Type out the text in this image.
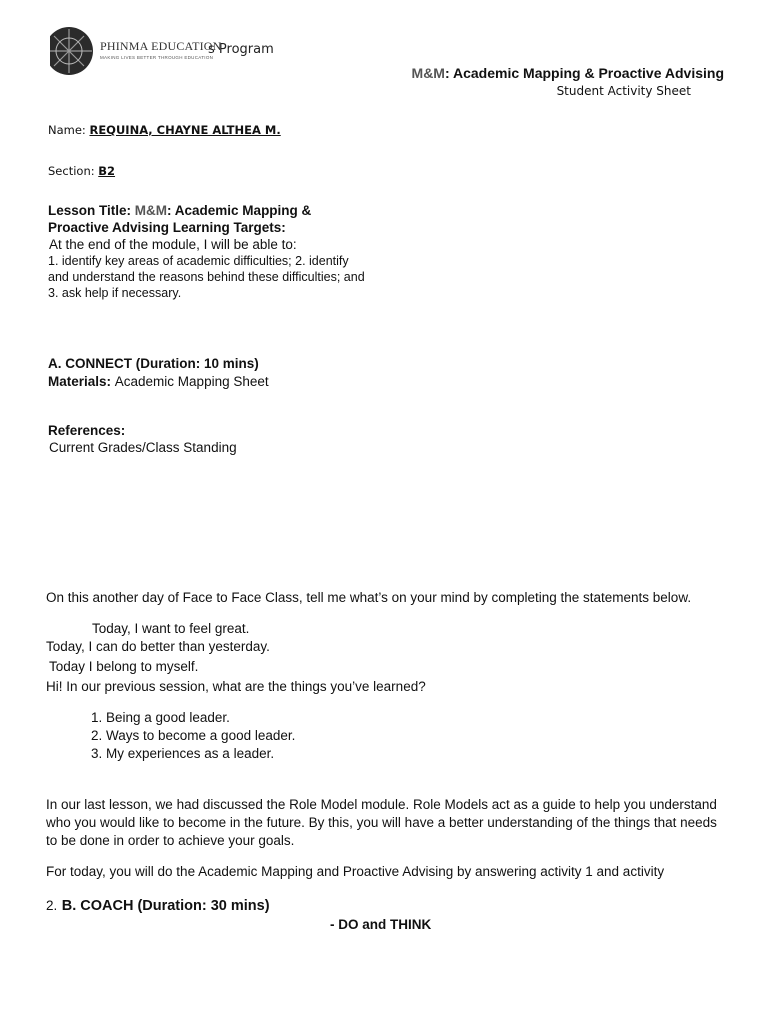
PHINMA EDUCATION
MAKING LIVES BETTER THROUGH EDUCATION
s Program
M&M: Academic Mapping & Proactive Advising
Student Activity Sheet
Name: REQUINA, CHAYNE ALTHEA M.
Section: B2
Lesson Title: M&M: Academic Mapping &
Proactive Advising Learning Targets:
At the end of the module, I will be able to:
1. identify key areas of academic difficulties; 2. identify
and understand the reasons behind these difficulties; and
3. ask help if necessary.
A. CONNECT (Duration: 10 mins)
Materials: Academic Mapping Sheet
References:
Current Grades/Class Standing
On this another day of Face to Face Class, tell me what’s on your mind by completing the statements below.
Today, I want to feel great.
Today, I can do better than yesterday.
Today I belong to myself.
Hi! In our previous session, what are the things you’ve learned?
1. Being a good leader.
2. Ways to become a good leader.
3. My experiences as a leader.
In our last lesson, we had discussed the Role Model module. Role Models act as a guide to help you understand
who you would like to become in the future. By this, you will have a better understanding of the things that needs
to be done in order to achieve your goals.
For today, you will do the Academic Mapping and Proactive Advising by answering activity 1 and activity
2. B. COACH (Duration: 30 mins)
- DO and THINK
